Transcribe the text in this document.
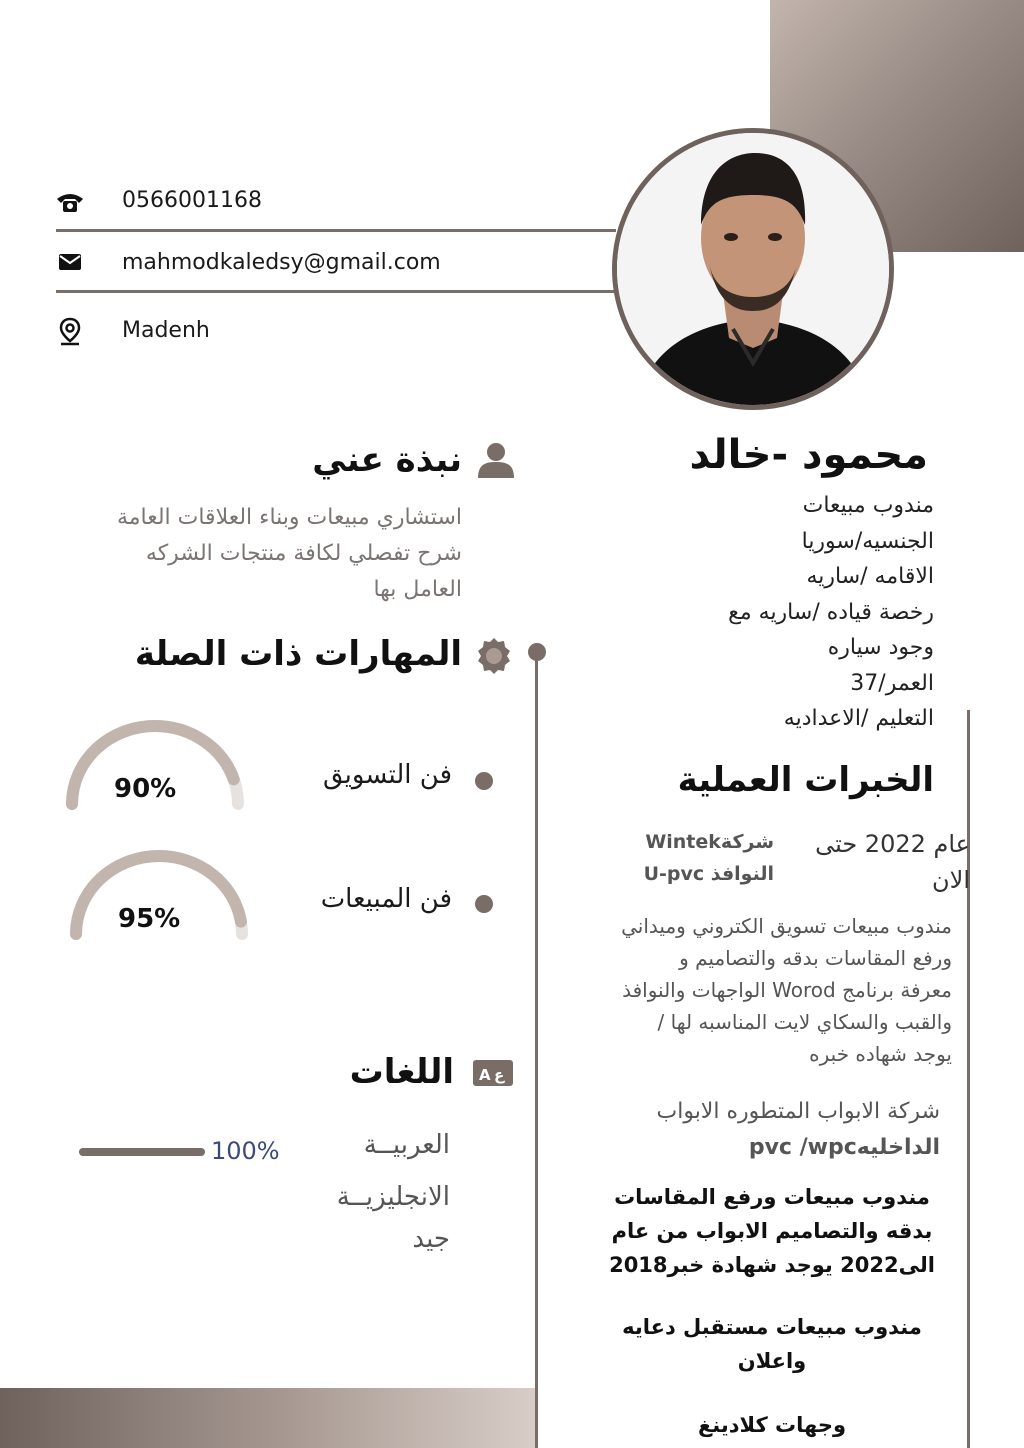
0566001168
mahmodkaledsy@gmail.com
Madenh
محمود -خالد
مندوب مبيعات
الجنسيه/سوريا
الاقامه /ساريه
رخصة قياده /ساريه مع
وجود سياره
العمر/37
التعليم /الاعداديه
نبذة عني
استشاري مبيعات وبناء العلاقات العامة
شرح تفصلي لكافة منتجات الشركه
العامل بها
المهارات ذات الصلة
90%	فن التسويق
95%
فن المبيعات
A ع
اللغات
100%	العربيــة
الانجليزيــة
جيد
الخبرات العملية
عام 2022 حتى
الان
شركةWintek
النوافذ U-pvc
مندوب مبيعات تسويق الكتروني وميداني
ورفع المقاسات بدقه والتصاميم و
معرفة برنامج Worod الواجهات والنوافذ
والقبب والسكاي لايت المناسبه لها /
يوجد شهاده خبره
شركة الابواب المتطوره الابواب
الداخليهpvc /wpc
مندوب مبيعات ورفع المقاسات
بدقه والتصاميم الابواب من عام
2018الى2022 يوجد شهادة خبر
مندوب مبيعات مستقبل دعايه
واعلان
وجهات كلادينغ
